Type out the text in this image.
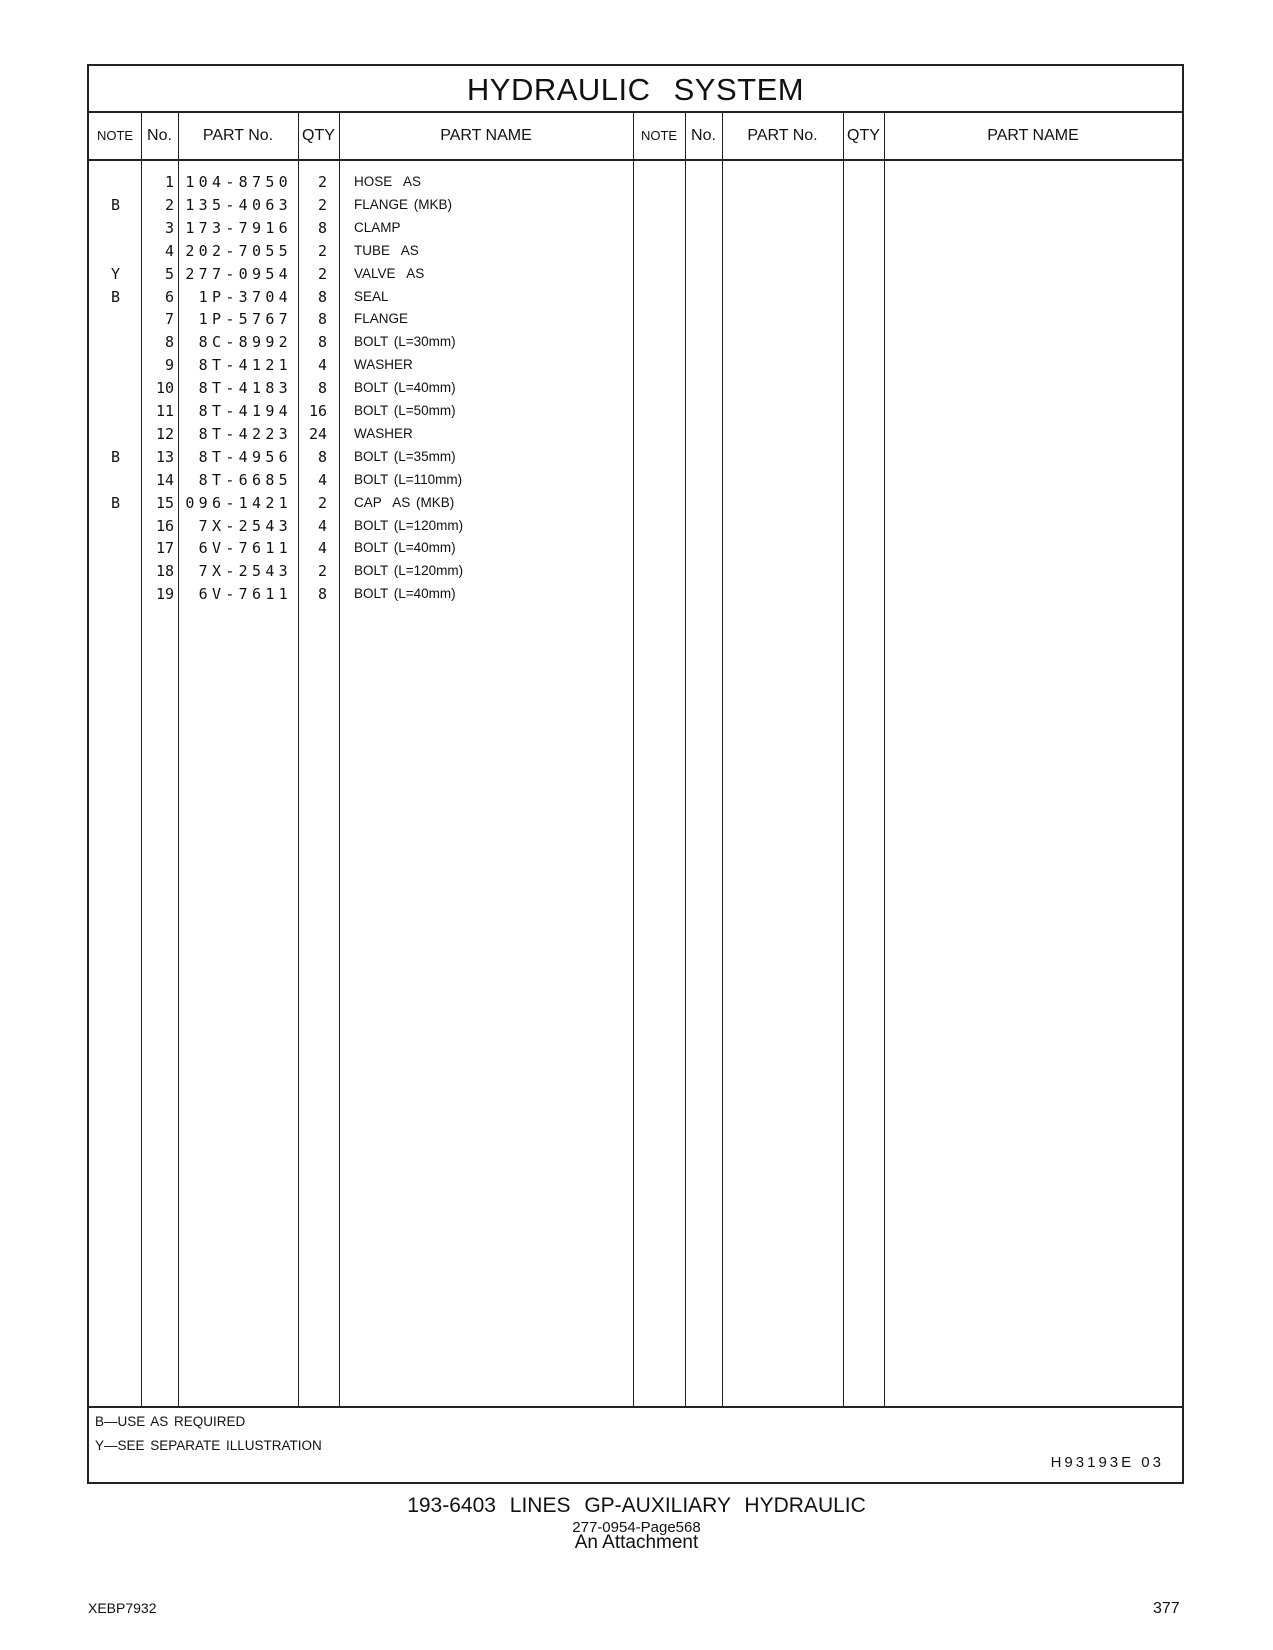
HYDRAULIC SYSTEM
NOTE No.	PART No.	QTY	PART NAME	NOTE No.	PART No.	QTY	PART NAME
1 104-8750	2 HOSE  AS
B	2 135-4063	2 FLANGE (MKB)
3 173-7916	8 CLAMP
4 202-7055	2 TUBE  AS
Y	5 277-0954	2 VALVE  AS
B	6	1P-3704	8 SEAL
7	1P-5767	8 FLANGE
8	8C-8992	8 BOLT (L=30mm)
9	8T-4121	4 WASHER
10	8T-4183	8 BOLT (L=40mm)
11	8T-4194	16 BOLT (L=50mm)
12	8T-4223	24 WASHER
B	13	8T-4956	8 BOLT (L=35mm)
14	8T-6685	4 BOLT (L=110mm)
B	15 096-1421	2 CAP  AS (MKB)
16	7X-2543	4 BOLT (L=120mm)
17	6V-7611	4 BOLT (L=40mm)
18	7X-2543	2 BOLT (L=120mm)
19	6V-7611	8 BOLT (L=40mm)
B—USE AS REQUIRED
Y—SEE SEPARATE ILLUSTRATION
H93193E 03
193-6403 LINES GP-AUXILIARY HYDRAULIC
277-0954-Page568
An Attachment
XEBP7932	377
